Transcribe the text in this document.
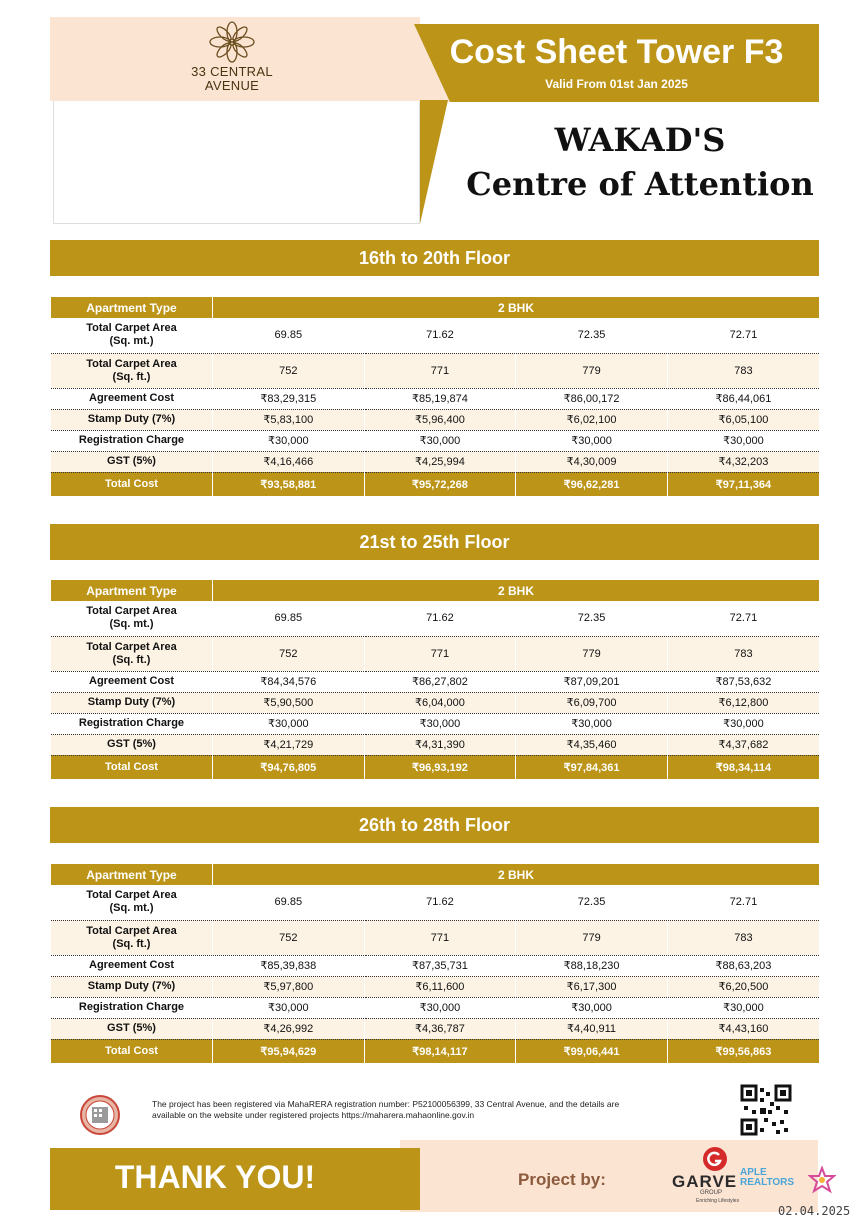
33 CENTRAL
AVENUE
Cost Sheet Tower F3
Valid From 01st Jan 2025
WAKAD'S
Centre of Attention
16th to 20th Floor
Apartment Type	2 BHK			

Total Carpet Area
(Sq. mt.)	69.85	71.62	72.35	72.71

Total Carpet Area
(Sq. ft.)	752	771	779	783
Agreement Cost	₹83,29,315	₹85,19,874	₹86,00,172	₹86,44,061
Stamp Duty (7%)	₹5,83,100	₹5,96,400	₹6,02,100	₹6,05,100
Registration Charge	₹30,000	₹30,000	₹30,000	₹30,000
GST (5%)	₹4,16,466	₹4,25,994	₹4,30,009	₹4,32,203
Total Cost	₹93,58,881	₹95,72,268	₹96,62,281	₹97,11,364
21st to 25th Floor
Apartment Type	2 BHK			

Total Carpet Area
(Sq. mt.)	69.85	71.62	72.35	72.71

Total Carpet Area
(Sq. ft.)	752	771	779	783
Agreement Cost	₹84,34,576	₹86,27,802	₹87,09,201	₹87,53,632
Stamp Duty (7%)	₹5,90,500	₹6,04,000	₹6,09,700	₹6,12,800
Registration Charge	₹30,000	₹30,000	₹30,000	₹30,000
GST (5%)	₹4,21,729	₹4,31,390	₹4,35,460	₹4,37,682
Total Cost	₹94,76,805	₹96,93,192	₹97,84,361	₹98,34,114
26th to 28th Floor
Apartment Type	2 BHK			

Total Carpet Area
(Sq. mt.)	69.85	71.62	72.35	72.71

Total Carpet Area
(Sq. ft.)	752	771	779	783
Agreement Cost	₹85,39,838	₹87,35,731	₹88,18,230	₹88,63,203
Stamp Duty (7%)	₹5,97,800	₹6,11,600	₹6,17,300	₹6,20,500
Registration Charge	₹30,000	₹30,000	₹30,000	₹30,000
GST (5%)	₹4,26,992	₹4,36,787	₹4,40,911	₹4,43,160
Total Cost	₹95,94,629	₹98,14,117	₹99,06,441	₹99,56,863
The project has been registered via MahaRERA registration number: P52100056399, 33 Central Avenue, and the details are
available on the website under registered projects https://maharera.mahaonline.gov.in
THANK YOU!	Project by:	GARVE
GROUP
Enriching Lifestyles
APLE
REALTORS
02.04.2025
